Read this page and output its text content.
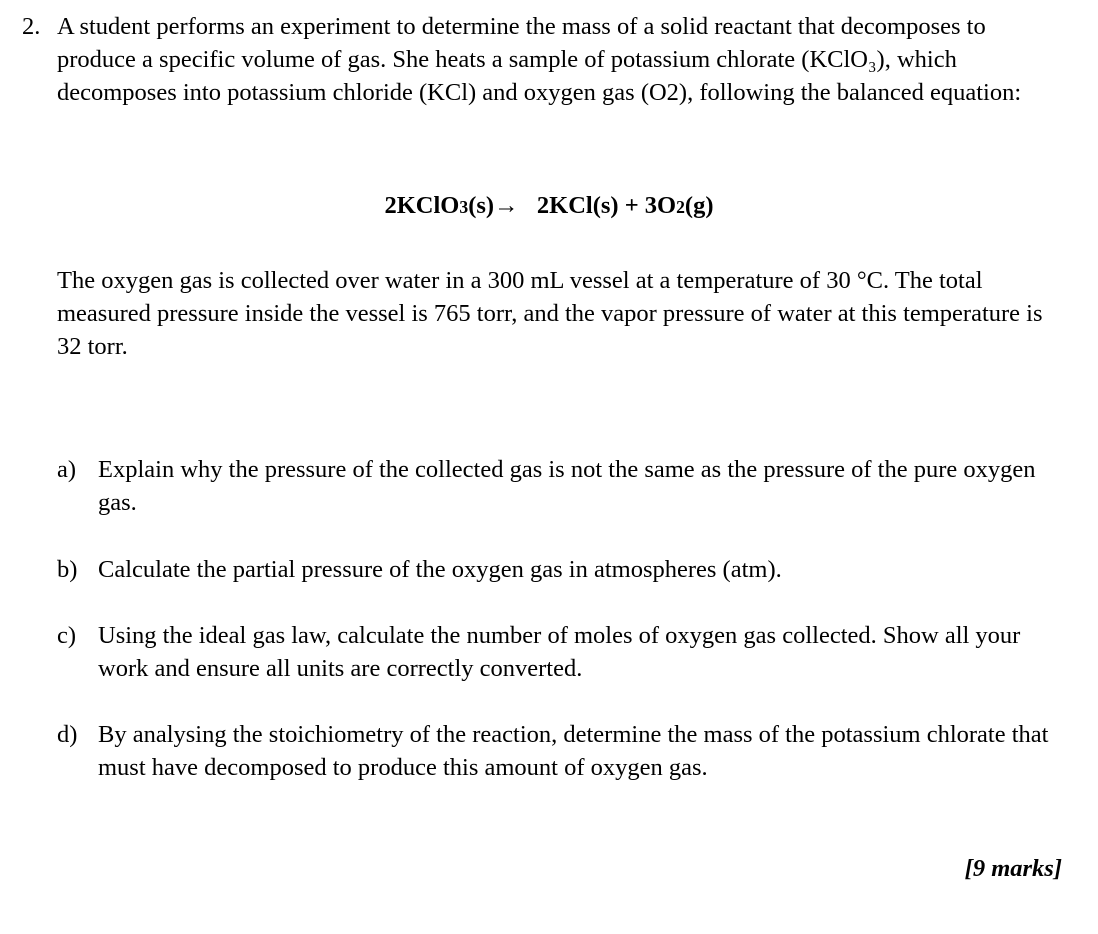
2. A student performs an experiment to determine the mass of a solid reactant that decomposes to produce a specific volume of gas. She heats a sample of potassium chlorate (KClO₃), which decomposes into potassium chloride (KCl) and oxygen gas (O2), following the balanced equation:
2KClO3(s)→   2KCl(s) + 3O2(g)
The oxygen gas is collected over water in a 300 mL vessel at a temperature of 30 °C. The total measured pressure inside the vessel is 765 torr, and the vapor pressure of water at this temperature is 32 torr.
a) Explain why the pressure of the collected gas is not the same as the pressure of the pure oxygen gas.
b) Calculate the partial pressure of the oxygen gas in atmospheres (atm).
c) Using the ideal gas law, calculate the number of moles of oxygen gas collected. Show all your work and ensure all units are correctly converted.
d) By analysing the stoichiometry of the reaction, determine the mass of the potassium chlorate that must have decomposed to produce this amount of oxygen gas.
[9 marks]
